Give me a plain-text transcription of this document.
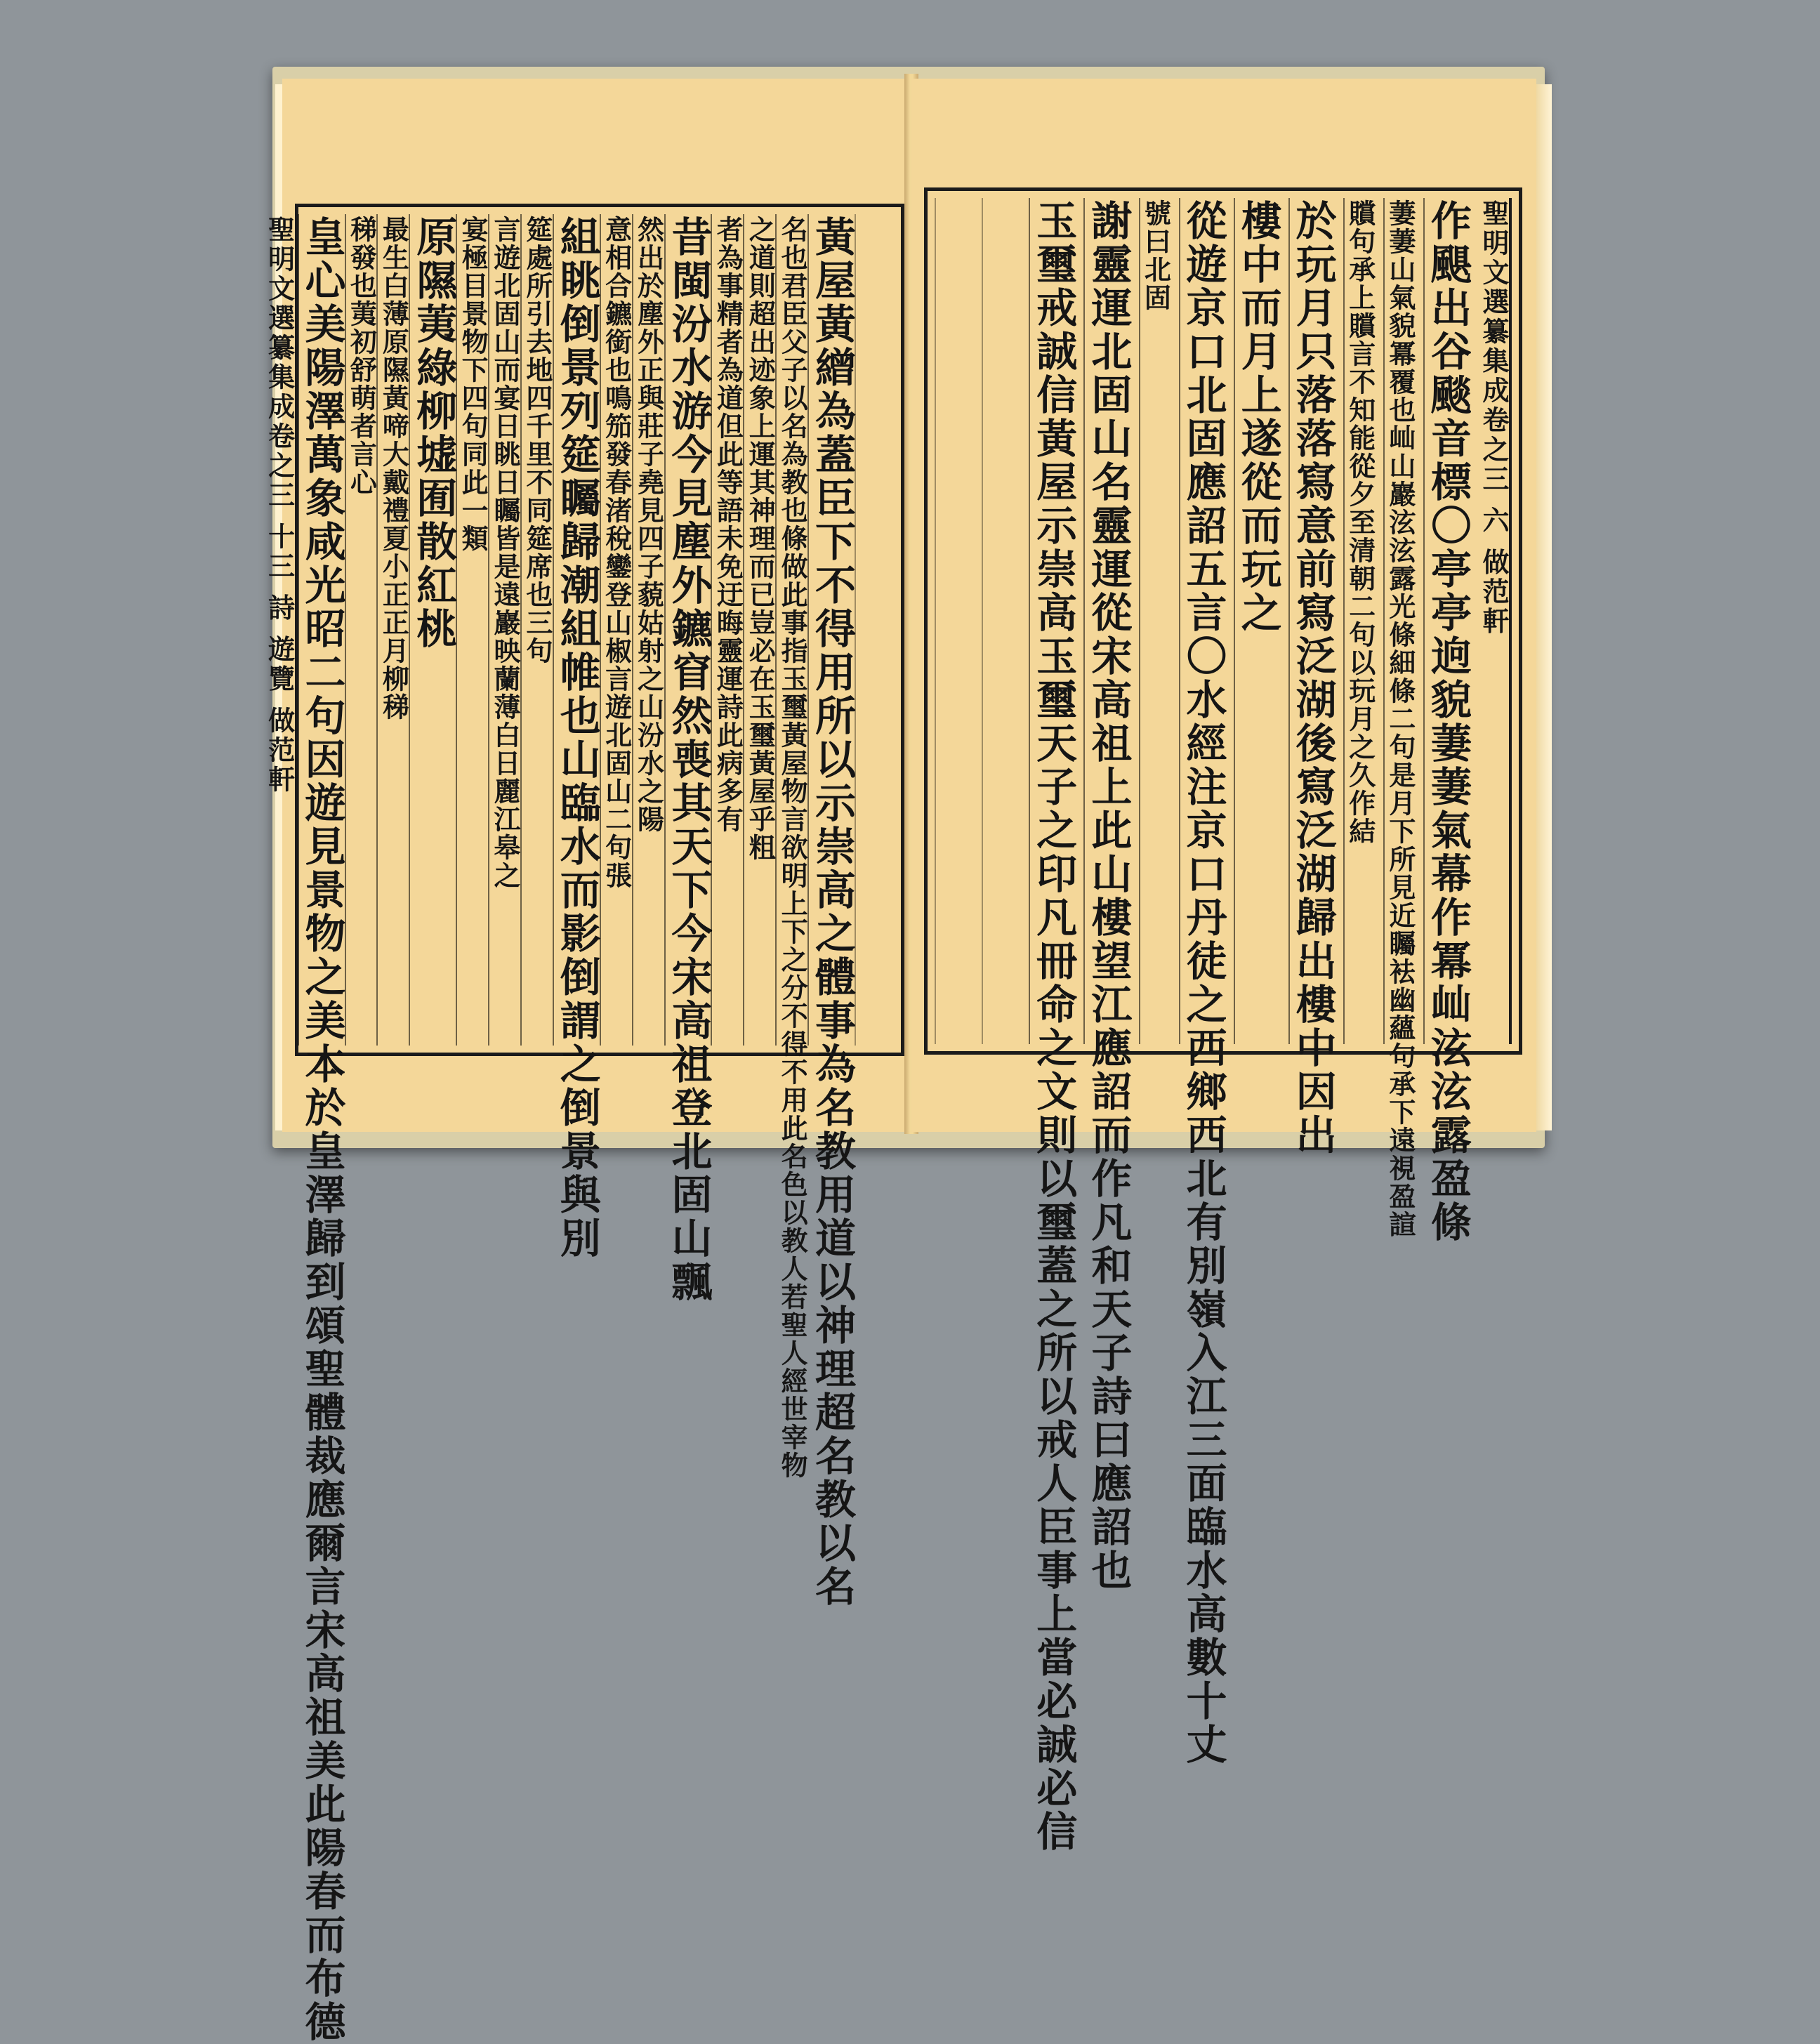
黃屋黃繒為蓋臣下不得用所以示崇高之體事為名教用道以神理超名教以名
名也君臣父子以名為教也條做此事指玉璽黃屋物言欲明上下之分不得不用此名色以教人若聖人經世宰物
之道則超出迹象上運其神理而已豈必在玉璽黃屋乎粗
者為事精者為道但此等語未免迂晦靈運詩此病多有
昔閩汾水游今見塵外鑣窅然喪其天下今宋高祖登北固山飄
然出於塵外正與莊子堯見四子藐姑射之山汾水之陽
意相合鑣銜也鳴笳發春渚稅鑾登山椒言遊北固山二句張
組眺倒景列筵矚歸潮組帷也山臨水而影倒謂之倒景與別
筵處所引去地四千里不同筵席也三句
言遊北固山而宴日眺日矚皆是遠巖映蘭薄白日麗江皋之
宴極目景物下四句同此一類
原隰荑綠柳墟囿散紅桃
最生白薄原隰黃啼大戴禮夏小正正月柳稊
稊發也荑初舒萌者言心
皇心美陽澤萬象咸光昭二句因遊見景物之美本於皇澤歸到頌聖體裁應爾言宋高祖美此陽春而布德
聖明文選纂集成卷之三 十三 詩 遊覽 做范軒	聖明文選纂集成卷之三 六 做范軒
作颶出谷颷音標〇亭亭逈貌萋萋氣幕作冪屾泫泫露盈條
萋萋山氣貌冪覆也屾山巖泫泫露光條細條二句是月下所見近矚袪幽蘊句承下遠視盈諠
贘句承上贘言不知能從夕至清朝二句以玩月之久作結
於玩月只落落寫意前寫泛湖後寫泛湖歸出樓中因出
樓中而月上遂從而玩之
從遊京口北固應詔五言〇水經注京口丹徒之西鄉西北有別嶺入江三面臨水高數十丈
號曰北固
謝靈運北固山名靈運從宋高祖上此山樓望江應詔而作凡和天子詩曰應詔也
玉璽戒誠信黃屋示崇高玉璽天子之印凡冊命之文則以璽蓋之所以戒人臣事上當必誠必信
